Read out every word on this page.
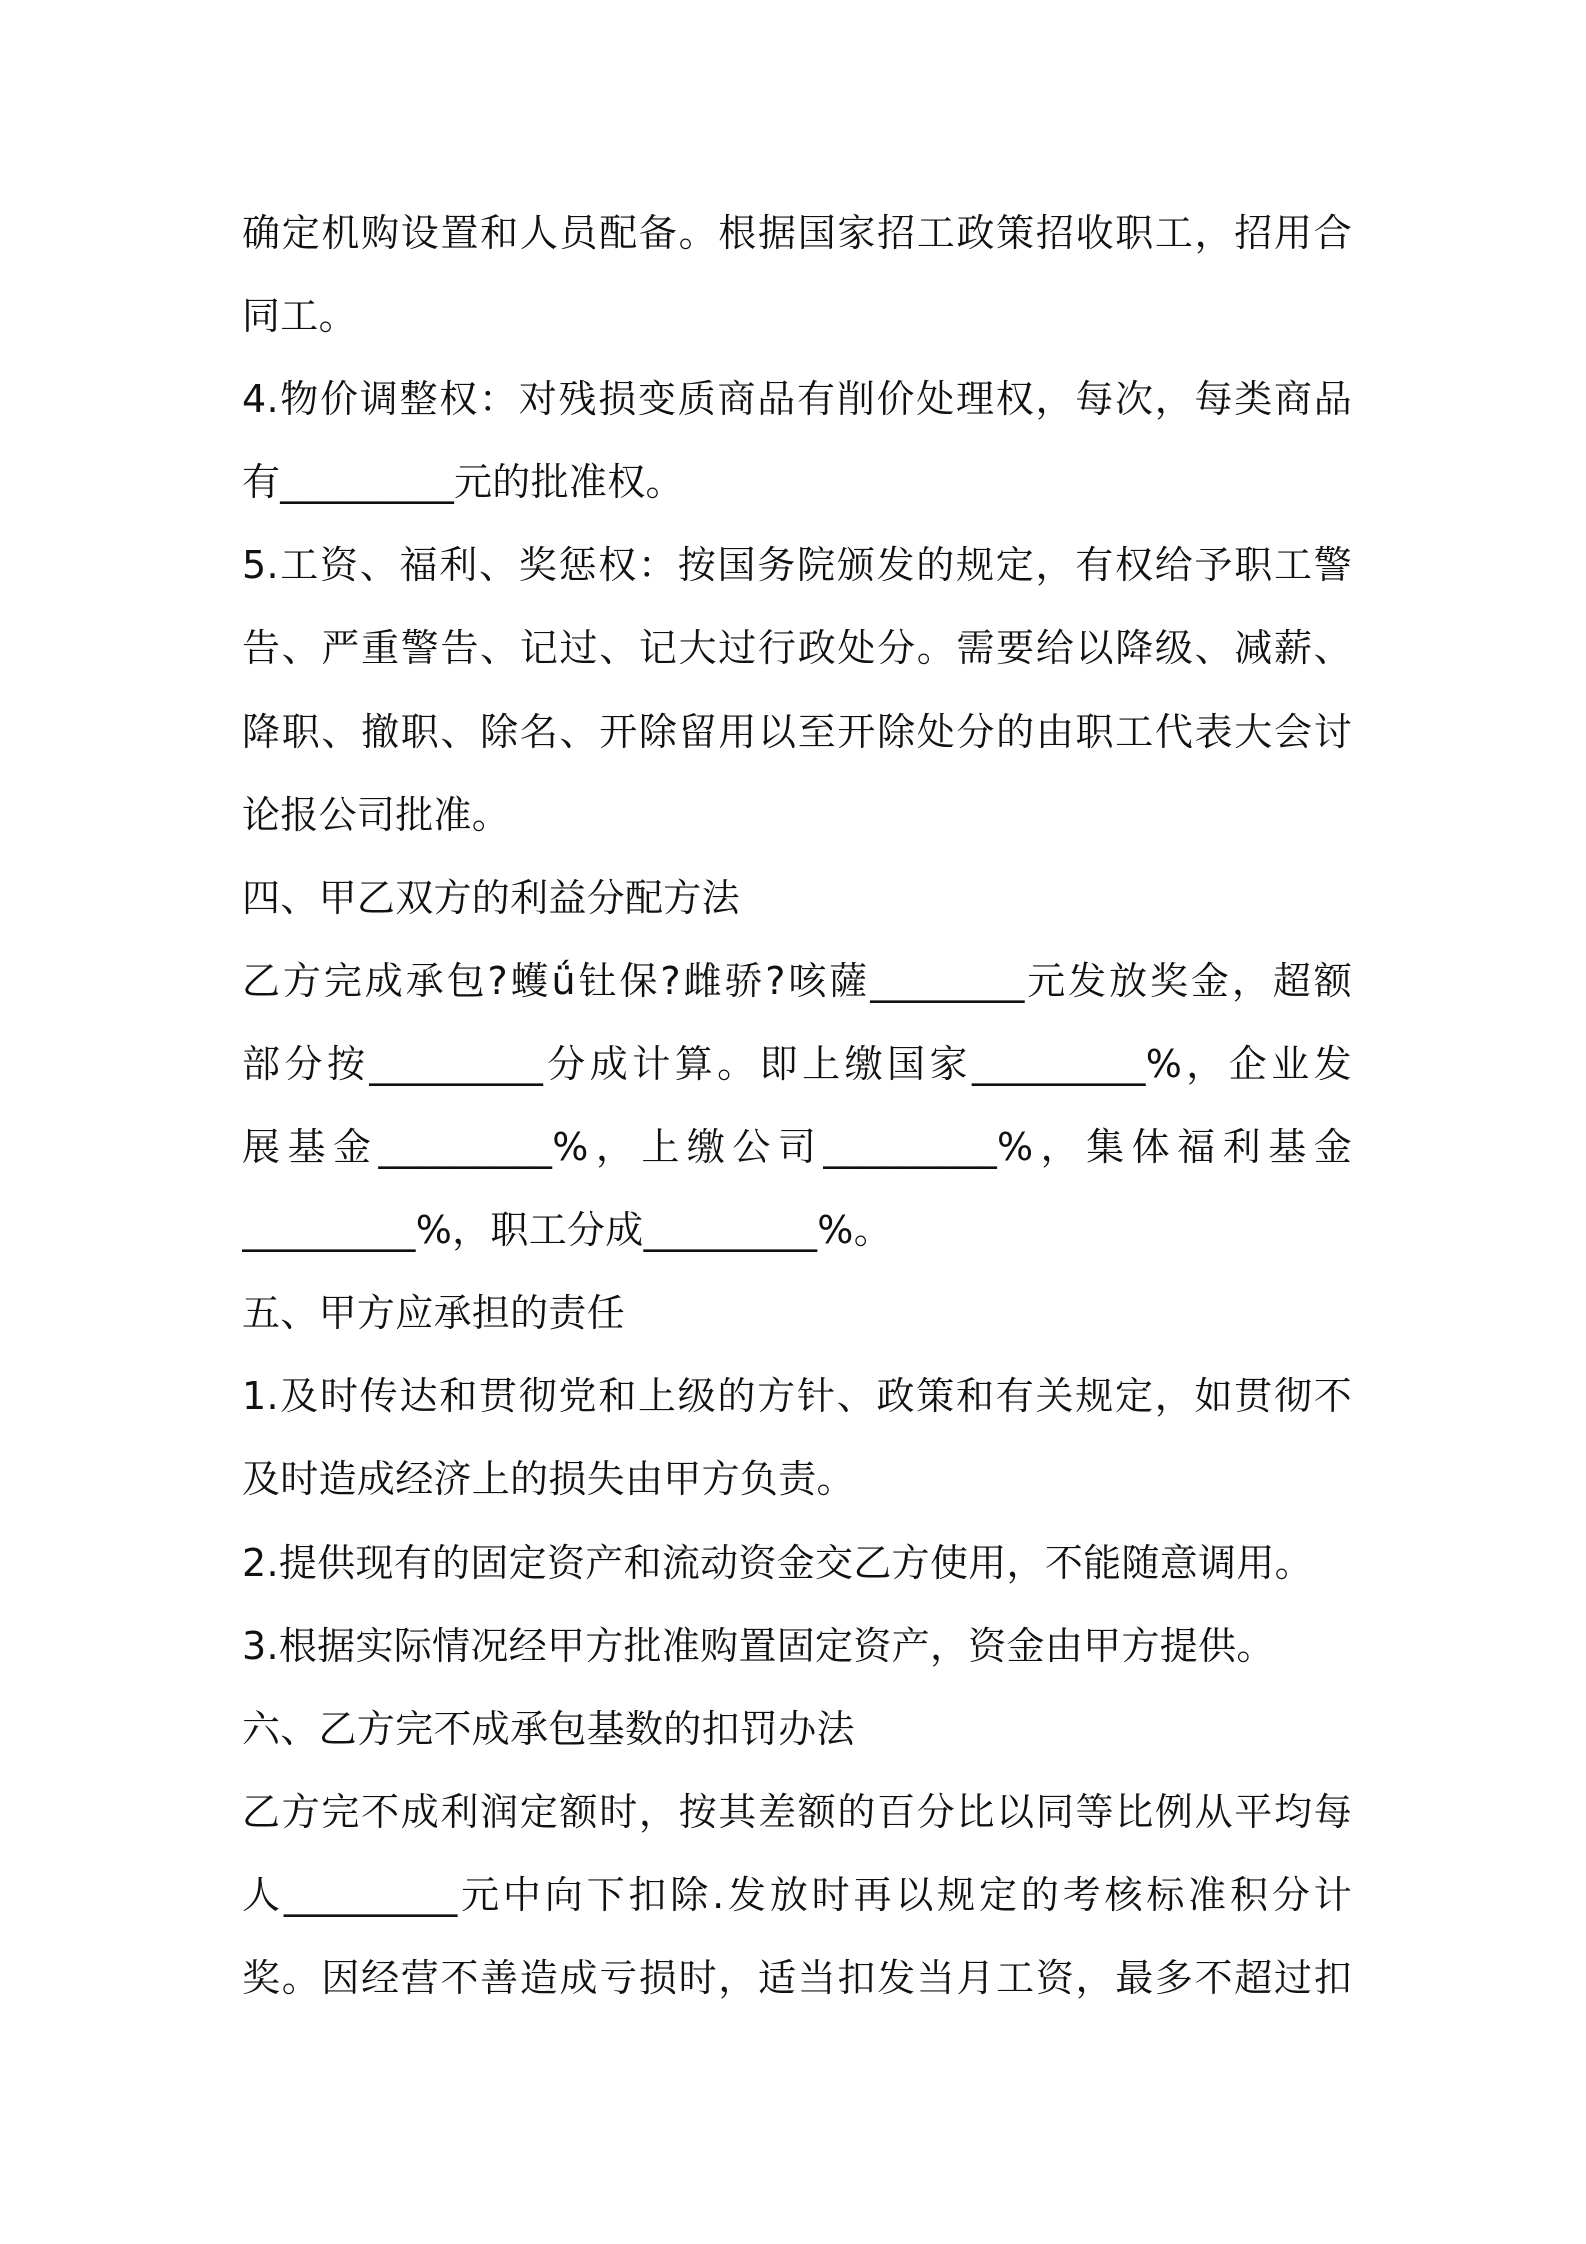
确定机购设置和人员配备。根据国家招工政策招收职工，招用合

同工。

4.物价调整权：对残损变质商品有削价处理权，每次，每类商品

有_________元的批准权。

5.工资、福利、奖惩权：按国务院颁发的规定，有权给予职工警

告、严重警告、记过、记大过行政处分。需要给以降级、减薪、

降职、撤职、除名、开除留用以至开除处分的由职工代表大会讨

论报公司批准。

四、甲乙双方的利益分配方法

乙方完成承包?蠖ǘ钍保?雌骄?咳薩________元发放奖金，超额

部分按_________分成计算。即上缴国家_________%，企业发

展基金_________%，上缴公司_________%，集体福利基金

_________%，职工分成_________%。

五、甲方应承担的责任

1.及时传达和贯彻党和上级的方针、政策和有关规定，如贯彻不

及时造成经济上的损失由甲方负责。

2.提供现有的固定资产和流动资金交乙方使用，不能随意调用。

3.根据实际情况经甲方批准购置固定资产，资金由甲方提供。

六、乙方完不成承包基数的扣罚办法

乙方完不成利润定额时，按其差额的百分比以同等比例从平均每

人_________元中向下扣除.发放时再以规定的考核标准积分计

奖。因经营不善造成亏损时，适当扣发当月工资，最多不超过扣
